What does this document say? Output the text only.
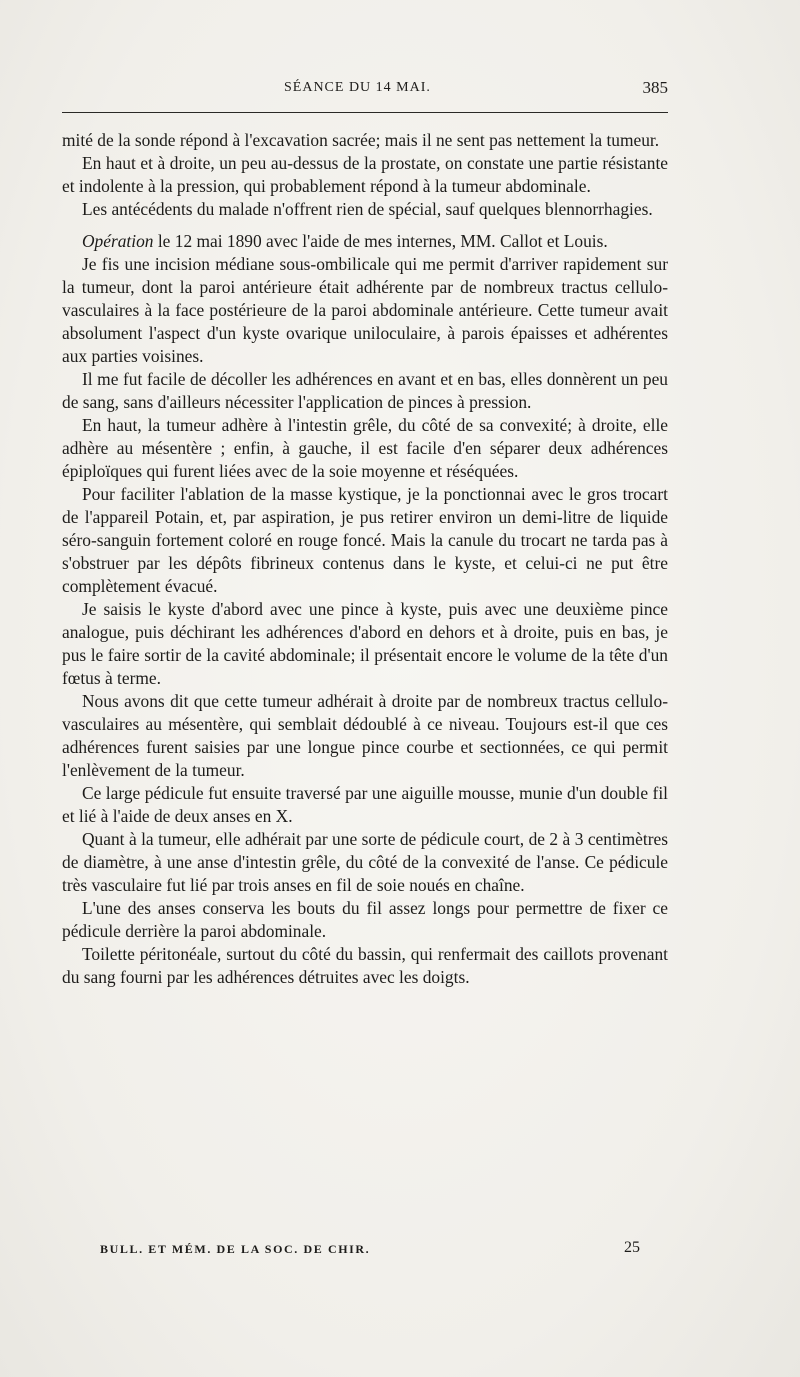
SÉANCE DU 14 MAI.	385

mité de la sonde répond à l'excavation sacrée; mais il ne sent pas nettement la tumeur.

En haut et à droite, un peu au-dessus de la prostate, on constate une partie résistante et indolente à la pression, qui probablement répond à la tumeur abdominale.

Les antécédents du malade n'offrent rien de spécial, sauf quelques blennorrhagies.

Opération le 12 mai 1890 avec l'aide de mes internes, MM. Callot et Louis.

Je fis une incision médiane sous-ombilicale qui me permit d'arriver rapidement sur la tumeur, dont la paroi antérieure était adhérente par de nombreux tractus cellulo-vasculaires à la face postérieure de la paroi abdominale antérieure. Cette tumeur avait absolument l'aspect d'un kyste ovarique uniloculaire, à parois épaisses et adhérentes aux parties voisines.

Il me fut facile de décoller les adhérences en avant et en bas, elles donnèrent un peu de sang, sans d'ailleurs nécessiter l'application de pinces à pression.

En haut, la tumeur adhère à l'intestin grêle, du côté de sa convexité; à droite, elle adhère au mésentère ; enfin, à gauche, il est facile d'en séparer deux adhérences épiploïques qui furent liées avec de la soie moyenne et réséquées.

Pour faciliter l'ablation de la masse kystique, je la ponctionnai avec le gros trocart de l'appareil Potain, et, par aspiration, je pus retirer environ un demi-litre de liquide séro-sanguin fortement coloré en rouge foncé. Mais la canule du trocart ne tarda pas à s'obstruer par les dépôts fibrineux contenus dans le kyste, et celui-ci ne put être complètement évacué.

Je saisis le kyste d'abord avec une pince à kyste, puis avec une deuxième pince analogue, puis déchirant les adhérences d'abord en dehors et à droite, puis en bas, je pus le faire sortir de la cavité abdominale; il présentait encore le volume de la tête d'un fœtus à terme.

Nous avons dit que cette tumeur adhérait à droite par de nombreux tractus cellulo-vasculaires au mésentère, qui semblait dédoublé à ce niveau. Toujours est-il que ces adhérences furent saisies par une longue pince courbe et sectionnées, ce qui permit l'enlèvement de la tumeur.

Ce large pédicule fut ensuite traversé par une aiguille mousse, munie d'un double fil et lié à l'aide de deux anses en X.

Quant à la tumeur, elle adhérait par une sorte de pédicule court, de 2 à 3 centimètres de diamètre, à une anse d'intestin grêle, du côté de la convexité de l'anse. Ce pédicule très vasculaire fut lié par trois anses en fil de soie noués en chaîne.

L'une des anses conserva les bouts du fil assez longs pour permettre de fixer ce pédicule derrière la paroi abdominale.

Toilette péritonéale, surtout du côté du bassin, qui renfermait des caillots provenant du sang fourni par les adhérences détruites avec les doigts.

BULL. ET MÉM. DE LA SOC. DE CHIR.	25
